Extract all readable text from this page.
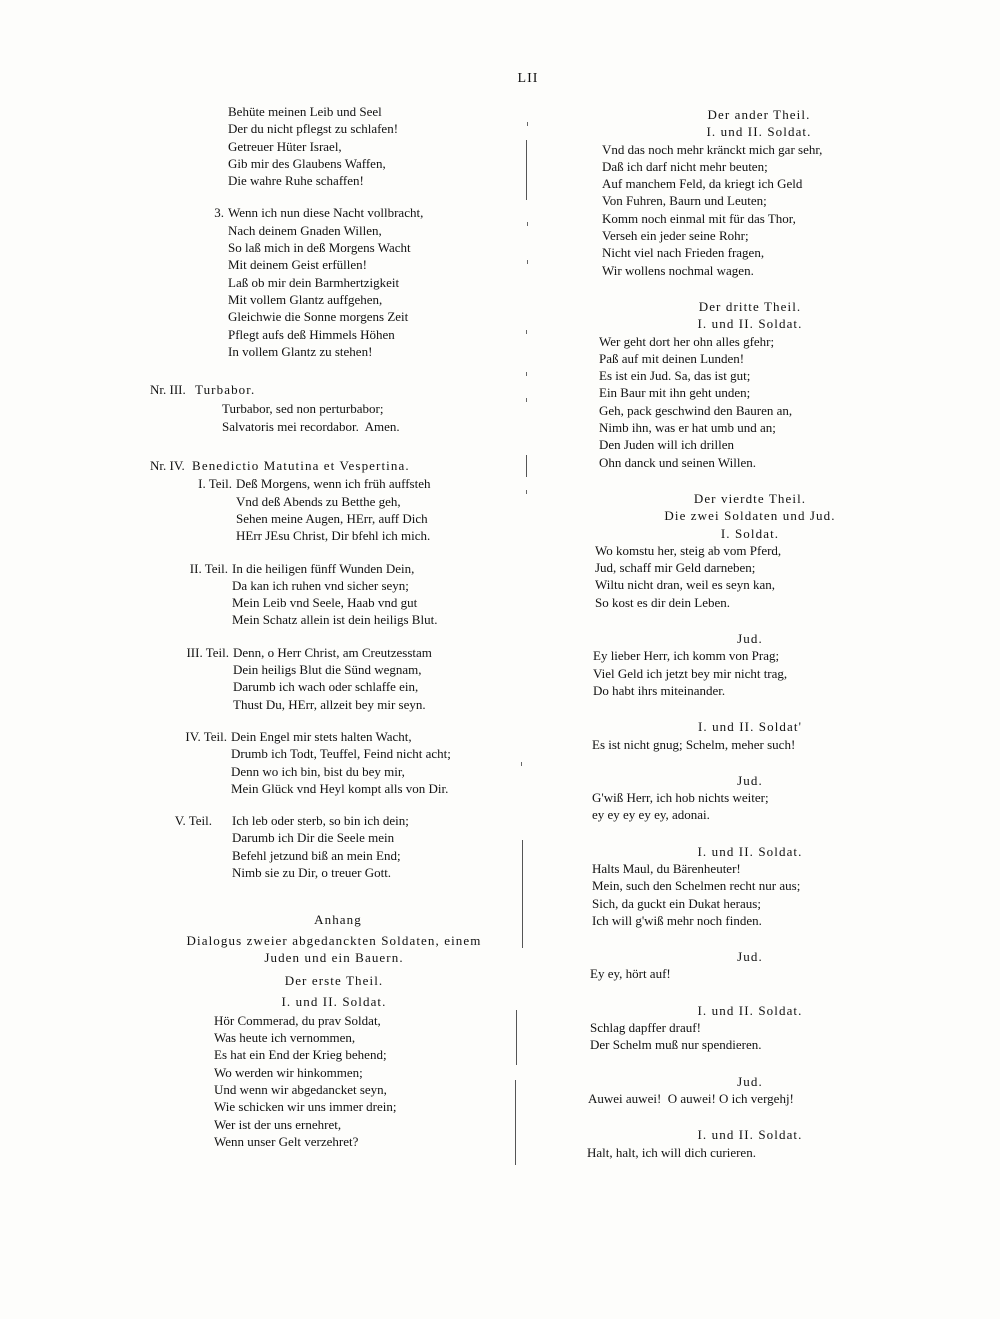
LII
Behüte meinen Leib und Seel
Der du nicht pflegst zu schlafen!
Getreuer Hüter Israel,
Gib mir des Glaubens Waffen,
Die wahre Ruhe schaffen!
3. Wenn ich nun diese Nacht vollbracht,
Nach deinem Gnaden Willen,
So laß mich in deß Morgens Wacht
Mit deinem Geist erfüllen!
Laß ob mir dein Barmhertzigkeit
Mit vollem Glantz auffgehen,
Gleichwie die Sonne morgens Zeit
Pflegt aufs deß Himmels Höhen
In vollem Glantz zu stehen!
Nr. III. Turbabor.
Turbabor, sed non perturbabor;
Salvatoris mei recordabor.  Amen.
Nr. IV. Benedictio Matutina et Vespertina.
I. Teil. Deß Morgens, wenn ich früh auffsteh
Vnd deß Abends zu Betthe geh,
Sehen meine Augen, HErr, auff Dich
HErr JEsu Christ, Dir bfehl ich mich.
II. Teil. In die heiligen fünff Wunden Dein,
Da kan ich ruhen vnd sicher seyn;
Mein Leib vnd Seele, Haab vnd gut
Mein Schatz allein ist dein heiligs Blut.
III. Teil. Denn, o Herr Christ, am Creutzesstam
Dein heiligs Blut die Sünd wegnam,
Darumb ich wach oder schlaffe ein,
Thust Du, HErr, allzeit bey mir seyn.
IV. Teil. Dein Engel mir stets halten Wacht,
Drumb ich Todt, Teuffel, Feind nicht acht;
Denn wo ich bin, bist du bey mir,
Mein Glück vnd Heyl kompt alls von Dir.
V. Teil.	Ich leb oder sterb, so bin ich dein;
Darumb ich Dir die Seele mein
Befehl jetzund biß an mein End;
Nimb sie zu Dir, o treuer Gott.
Anhang
Dialogus zweier abgedanckten Soldaten, einem
Juden und ein Bauern.
Der erste Theil.
I. und II. Soldat.
Hör Commerad, du prav Soldat,
Was heute ich vernommen,
Es hat ein End der Krieg behend;
Wo werden wir hinkommen;
Und wenn wir abgedancket seyn,
Wie schicken wir uns immer drein;
Wer ist der uns ernehret,
Wenn unser Gelt verzehret?
Der ander Theil.
I. und II. Soldat.
Vnd das noch mehr kränckt mich gar sehr,
Daß ich darf nicht mehr beuten;
Auf manchem Feld, da kriegt ich Geld
Von Fuhren, Baurn und Leuten;
Komm noch einmal mit für das Thor,
Verseh ein jeder seine Rohr;
Nicht viel nach Frieden fragen,
Wir wollens nochmal wagen.
Der dritte Theil.
I. und II. Soldat.
Wer geht dort her ohn alles gfehr;
Paß auf mit deinen Lunden!
Es ist ein Jud. Sa, das ist gut;
Ein Baur mit ihn geht unden;
Geh, pack geschwind den Bauren an,
Nimb ihn, was er hat umb und an;
Den Juden will ich drillen
Ohn danck und seinen Willen.
Der vierdte Theil.
Die zwei Soldaten und Jud.
I. Soldat.
Wo komstu her, steig ab vom Pferd,
Jud, schaff mir Geld darneben;
Wiltu nicht dran, weil es seyn kan,
So kost es dir dein Leben.
Jud.
Ey lieber Herr, ich komm von Prag;
Viel Geld ich jetzt bey mir nicht trag,
Do habt ihrs miteinander.
I. und II. Soldat'
Es ist nicht gnug; Schelm, meher such!
Jud.
G'wiß Herr, ich hob nichts weiter;
ey ey ey ey ey, adonai.
I. und II. Soldat.
Halts Maul, du Bärenheuter!
Mein, such den Schelmen recht nur aus;
Sich, da guckt ein Dukat heraus;
Ich will g'wiß mehr noch finden.
Jud.
Ey ey, hört auf!
I. und II. Soldat.
Schlag dapffer drauf!
Der Schelm muß nur spendieren.
Jud.
Auwei auwei!  O auwei! O ich vergehj!
I. und II. Soldat.
Halt, halt, ich will dich curieren.
